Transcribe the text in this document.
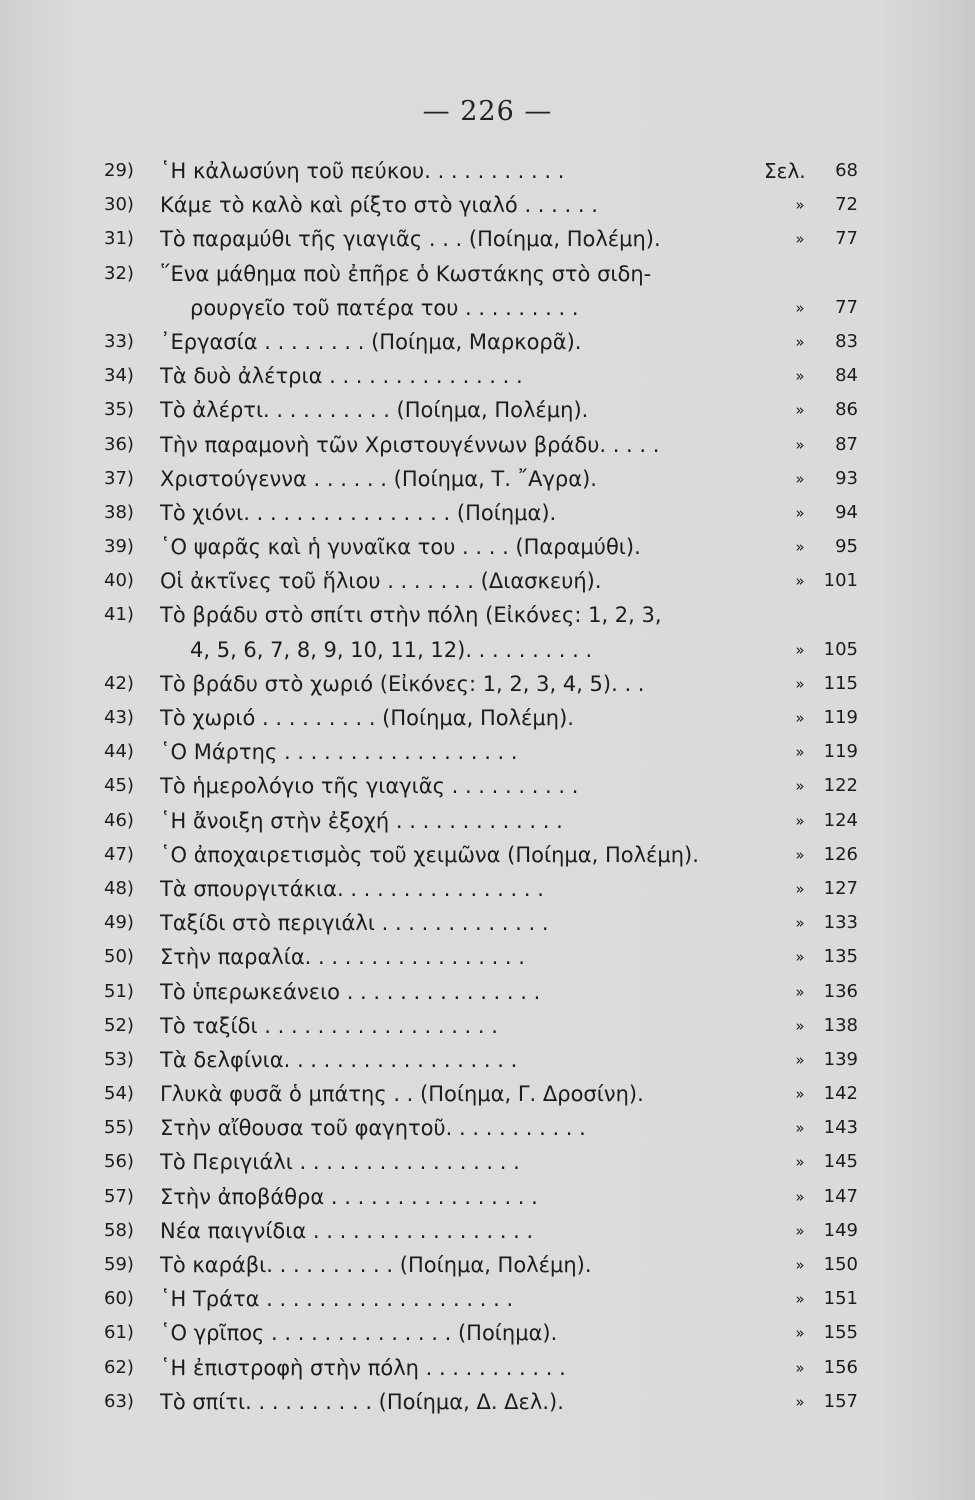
— 226 —
29)	῾Η κἀλωσύνη τοῦ πεύκου. . . . . . . . . . .	Σελ.	68
30)	Κάμε τὸ καλὸ καὶ ρίξτο στὸ γιαλό . . . . . .	»	72
31)	Τὸ παραμύθι τῆς γιαγιᾶς . . . (Ποίημα, Πολέμη).	»	77
32)	῞Ενα μάθημα ποὺ ἐπῆρε ὁ Κωστάκης στὸ σιδη-
ρουργεῖο τοῦ πατέρα του . . . . . . . . .	»	77
33)	᾿Εργασία . . . . . . . . (Ποίημα, Μαρκορᾶ).	»	83
34)	Τὰ δυὸ ἀλέτρια . . . . . . . . . . . . . . .	»	84
35)	Τὸ ἀλέρτι. . . . . . . . . . (Ποίημα, Πολέμη).	»	86
36)	Τὴν παραμονὴ τῶν Χριστουγέννων βράδυ. . . . .	»	87
37)	Χριστούγεννα . . . . . . (Ποίημα, Τ. ῎Αγρα).	»	93
38)	Τὸ χιόνι. . . . . . . . . . . . . . . . (Ποίημα).	»	94
39)	῾Ο ψαρᾶς καὶ ἡ γυναῖκα του . . . . (Παραμύθι).	»	95
40)	Οἱ ἀκτῖνες τοῦ ἥλιου . . . . . . . (Διασκευή).	»	101
41)	Τὸ βράδυ στὸ σπίτι στὴν πόλη (Εἰκόνες: 1, 2, 3,
4, 5, 6, 7, 8, 9, 10, 11, 12). . . . . . . . . .	»	105
42)	Τὸ βράδυ στὸ χωριό (Εἰκόνες: 1, 2, 3, 4, 5). . .	»	115
43)	Τὸ χωριό . . . . . . . . . (Ποίημα, Πολέμη).	»	119
44)	῾Ο Μάρτης . . . . . . . . . . . . . . . . . .	»	119
45)	Τὸ ἡμερολόγιο τῆς γιαγιᾶς . . . . . . . . . .	»	122
46)	῾Η ἄνοιξη στὴν ἐξοχή . . . . . . . . . . . . .	»	124
47)	῾Ο ἀποχαιρετισμὸς τοῦ χειμῶνα (Ποίημα, Πολέμη).	»	126
48)	Τὰ σπουργιτάκια. . . . . . . . . . . . . . . .	»	127
49)	Ταξίδι στὸ περιγιάλι . . . . . . . . . . . . .	»	133
50)	Στὴν παραλία. . . . . . . . . . . . . . . . .	»	135
51)	Τὸ ὑπερωκεάνειο . . . . . . . . . . . . . . .	»	136
52)	Τὸ ταξίδι . . . . . . . . . . . . . . . . . .	»	138
53)	Τὰ δελφίνια. . . . . . . . . . . . . . . . . .	»	139
54)	Γλυκὰ φυσᾶ ὁ μπάτης . . (Ποίημα, Γ. Δροσίνη).	»	142
55)	Στὴν αἴθουσα τοῦ φαγητοῦ. . . . . . . . . . .	»	143
56)	Τὸ Περιγιάλι . . . . . . . . . . . . . . . . .	»	145
57)	Στὴν ἀποβάθρα . . . . . . . . . . . . . . . .	»	147
58)	Νέα παιγνίδια . . . . . . . . . . . . . . . . .	»	149
59)	Τὸ καράβι. . . . . . . . . . (Ποίημα, Πολέμη).	»	150
60)	῾Η Τράτα . . . . . . . . . . . . . . . . . . .	»	151
61)	῾Ο γρῖπος . . . . . . . . . . . . . . (Ποίημα).	»	155
62)	῾Η ἐπιστροφὴ στὴν πόλη . . . . . . . . . . .	»	156
63)	Τὸ σπίτι. . . . . . . . . . (Ποίημα, Δ. Δελ.).	»	157
